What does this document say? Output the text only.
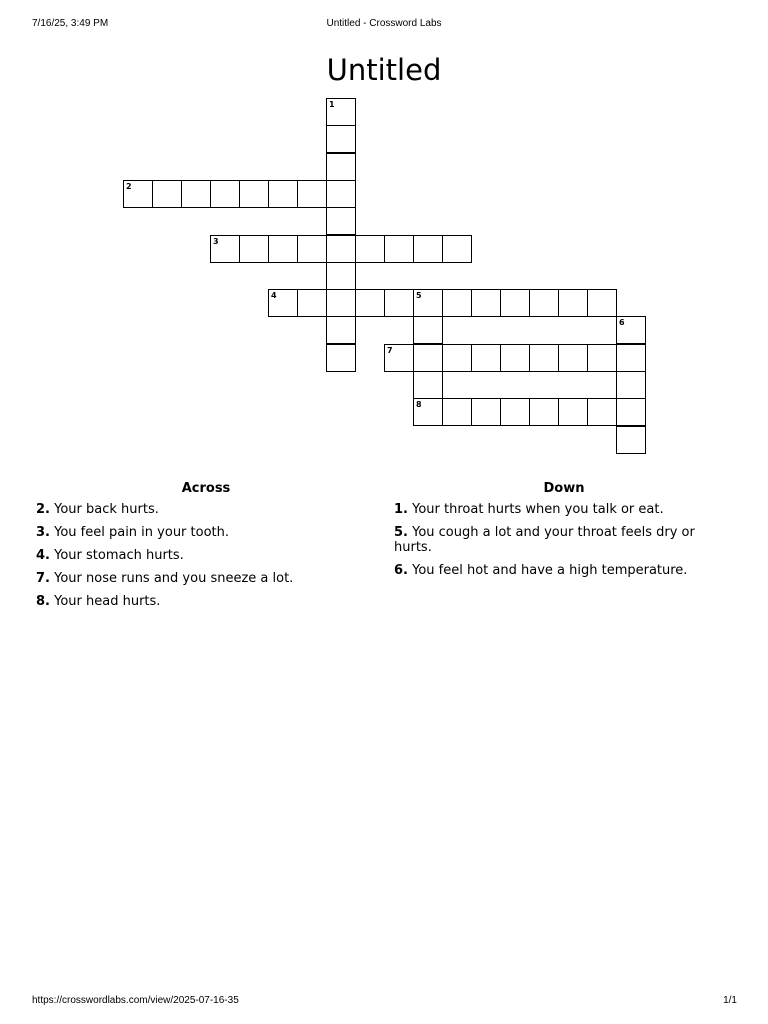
7/16/25, 3:49 PM	Untitled - Crossword Labs
Untitled
1
2
3
4	5
7
8
6
Across
2. Your back hurts.
3. You feel pain in your tooth.
4. Your stomach hurts.
7. Your nose runs and you sneeze a lot.
8. Your head hurts.
Down
1. Your throat hurts when you talk or eat.
5. You cough a lot and your throat feels dry or hurts.
6. You feel hot and have a high temperature.
https://crosswordlabs.com/view/2025-07-16-35	1/1
